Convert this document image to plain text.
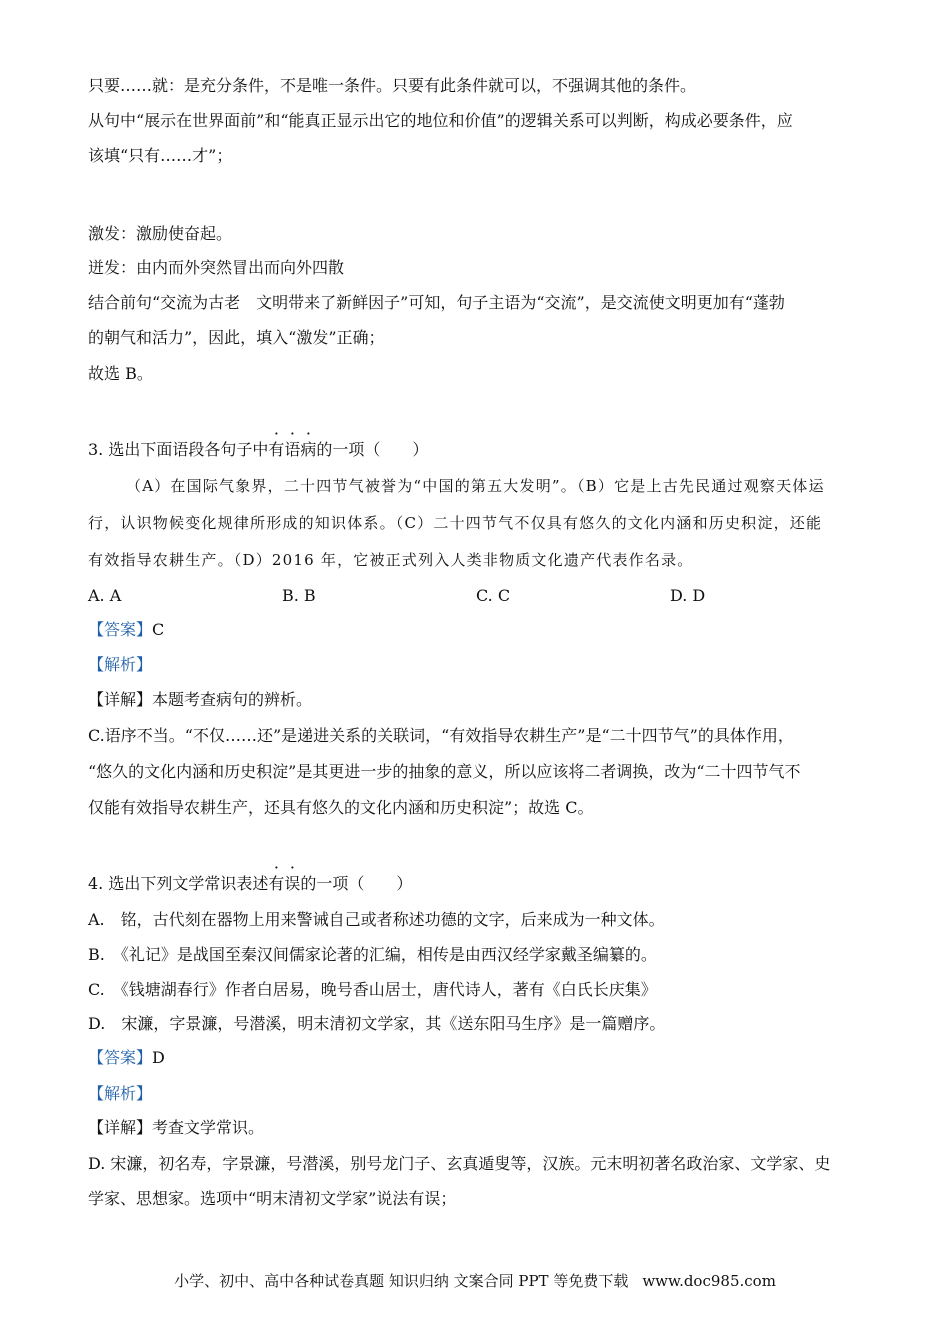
只要……就：是充分条件，不是唯一条件。只要有此条件就可以，不强调其他的条件。
从句中“展示在世界面前”和“能真正显示出它的地位和价值”的逻辑关系可以判断，构成必要条件，应
该填“只有……才”；
激发：激励使奋起。
迸发：由内而外突然冒出而向外四散
结合前句“交流为古老　文明带来了新鲜因子”可知，句子主语为“交流”，是交流使文明更加有“蓬勃
的朝气和活力”，因此，填入“激发”正确；
故选 B。
3. 选出下面语段各句子中有语病的一项（　　）
（A）在国际气象界，二十四节气被誉为“中国的第五大发明”。（B）它是上古先民通过观察天体运
行，认识物候变化规律所形成的知识体系。（C）二十四节气不仅具有悠久的文化内涵和历史积淀，还能
有效指导农耕生产。（D）2016 年，它被正式列入人类非物质文化遗产代表作名录。
A. A	B. B	C. C	D. D
【答案】C
【解析】
【详解】本题考查病句的辨析。
C.语序不当。“不仅……还”是递进关系的关联词，“有效指导农耕生产”是“二十四节气”的具体作用，
“悠久的文化内涵和历史积淀”是其更进一步的抽象的意义，所以应该将二者调换，改为“二十四节气不
仅能有效指导农耕生产，还具有悠久的文化内涵和历史积淀”；故选 C。
4. 选出下列文学常识表述有误的一项（　　）
A.　铭，古代刻在器物上用来警诫自己或者称述功德的文字，后来成为一种文体。
B.　《礼记》是战国至秦汉间儒家论著的汇编，相传是由西汉经学家戴圣编纂的。
C.　《钱塘湖春行》作者白居易，晚号香山居士，唐代诗人，著有《白氏长庆集》
D.　宋濂，字景濂，号潜溪，明末清初文学家，其《送东阳马生序》是一篇赠序。
【答案】D
【解析】
【详解】考查文学常识。
D. 宋濂，初名寿，字景濂，号潜溪，别号龙门子、玄真遁叟等，汉族。元末明初著名政治家、文学家、史
学家、思想家。选项中“明末清初文学家”说法有误；
小学、初中、高中各种试卷真题 知识归纳 文案合同 PPT 等免费下载 www.doc985.com
